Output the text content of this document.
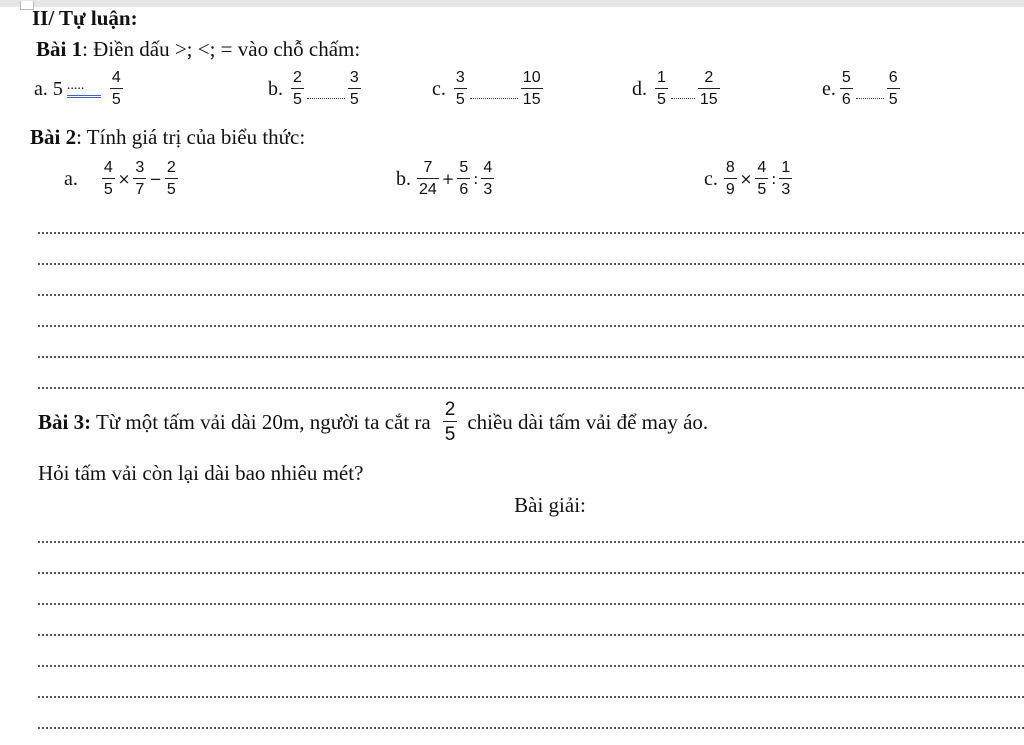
II/ Tự luận:
Bài 1: Điền dấu >; <; = vào chỗ chấm:
a. 5 .....	$\frac{4}{5}$	b. $\frac{2}{5}$	$\frac{3}{5}$	c. $\frac{3}{5}$	$\frac{10}{15}$	d. $\frac{1}{5} \frac{2}{15}$	e. $\frac{5}{6} \frac{6}{5}$
Bài 2: Tính giá trị của biểu thức:
a. $\frac{4}{5} \times \frac{3}{7} - \frac{2}{5}$	b. $\frac{7}{24} + \frac{5}{6}$ : $\frac{4}{3}$	c. $\frac{8}{9} \times \frac{4}{5}$ : $\frac{1}{3}$
Bài 3: Từ một tấm vải dài 20m, người ta cắt ra $\frac{2}{5}$ chiều dài tấm vải để may áo.
Hỏi tấm vải còn lại dài bao nhiêu mét?
Bài giải:
